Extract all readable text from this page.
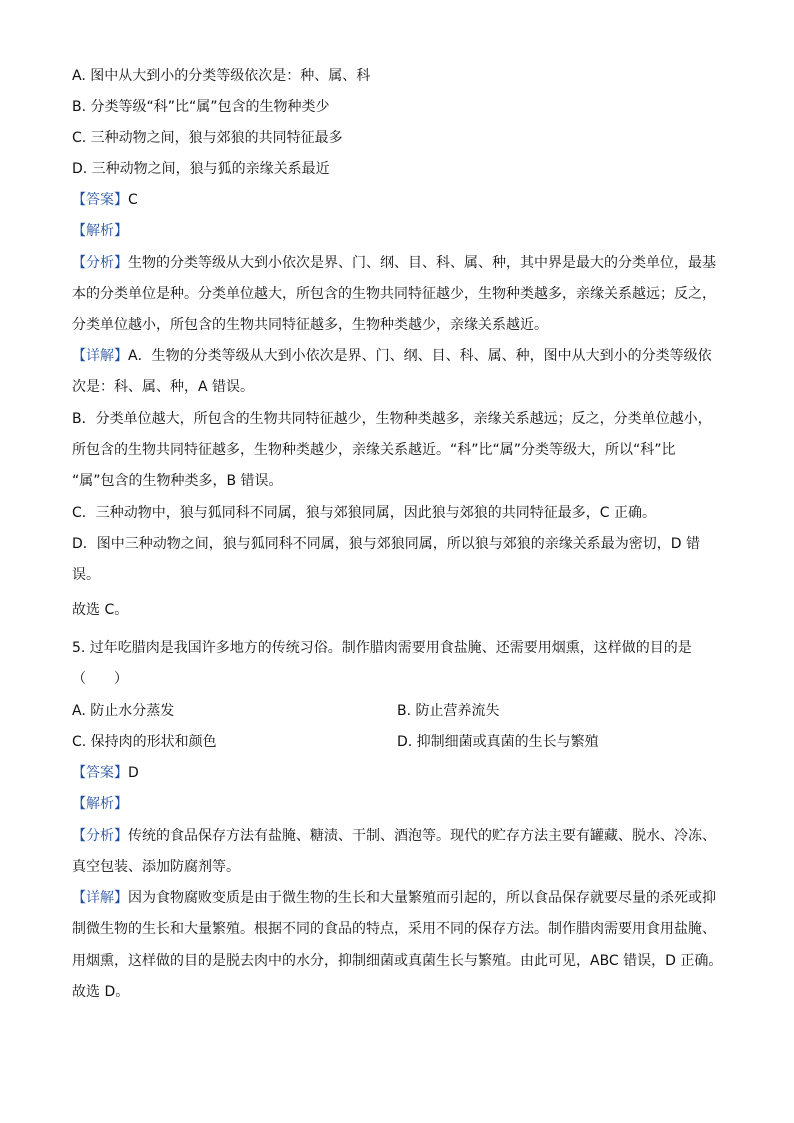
A. 图中从大到小的分类等级依次是：种、属、科
B. 分类等级“科”比“属”包含的生物种类少
C. 三种动物之间，狼与郊狼的共同特征最多
D. 三种动物之间，狼与狐的亲缘关系最近
【答案】C
【解析】
【分析】生物的分类等级从大到小依次是界、门、纲、目、科、属、种，其中界是最大的分类单位，最基
本的分类单位是种。分类单位越大，所包含的生物共同特征越少，生物种类越多，亲缘关系越远；反之，
分类单位越小，所包含的生物共同特征越多，生物种类越少，亲缘关系越近。
【详解】A．生物的分类等级从大到小依次是界、门、纲、目、科、属、种，图中从大到小的分类等级依
次是：科、属、种，A 错误。
B．分类单位越大，所包含的生物共同特征越少，生物种类越多，亲缘关系越远；反之，分类单位越小，
所包含的生物共同特征越多，生物种类越少，亲缘关系越近。“科”比“属”分类等级大，所以“科”比
“属”包含的生物种类多，B 错误。
C．三种动物中，狼与狐同科不同属，狼与郊狼同属，因此狼与郊狼的共同特征最多，C 正确。
D．图中三种动物之间，狼与狐同科不同属，狼与郊狼同属，所以狼与郊狼的亲缘关系最为密切，D 错
误。
故选 C。
5. 过年吃腊肉是我国许多地方的传统习俗。制作腊肉需要用食盐腌、还需要用烟熏，这样做的目的是
（　　）
A. 防止水分蒸发	B. 防止营养流失
C. 保持肉的形状和颜色	D. 抑制细菌或真菌的生长与繁殖
【答案】D
【解析】
【分析】传统的食品保存方法有盐腌、糖渍、干制、酒泡等。现代的贮存方法主要有罐藏、脱水、冷冻、
真空包装、添加防腐剂等。
【详解】因为食物腐败变质是由于微生物的生长和大量繁殖而引起的，所以食品保存就要尽量的杀死或抑
制微生物的生长和大量繁殖。根据不同的食品的特点，采用不同的保存方法。制作腊肉需要用食用盐腌、
用烟熏，这样做的目的是脱去肉中的水分，抑制细菌或真菌生长与繁殖。由此可见，ABC 错误，D 正确。
故选 D。
